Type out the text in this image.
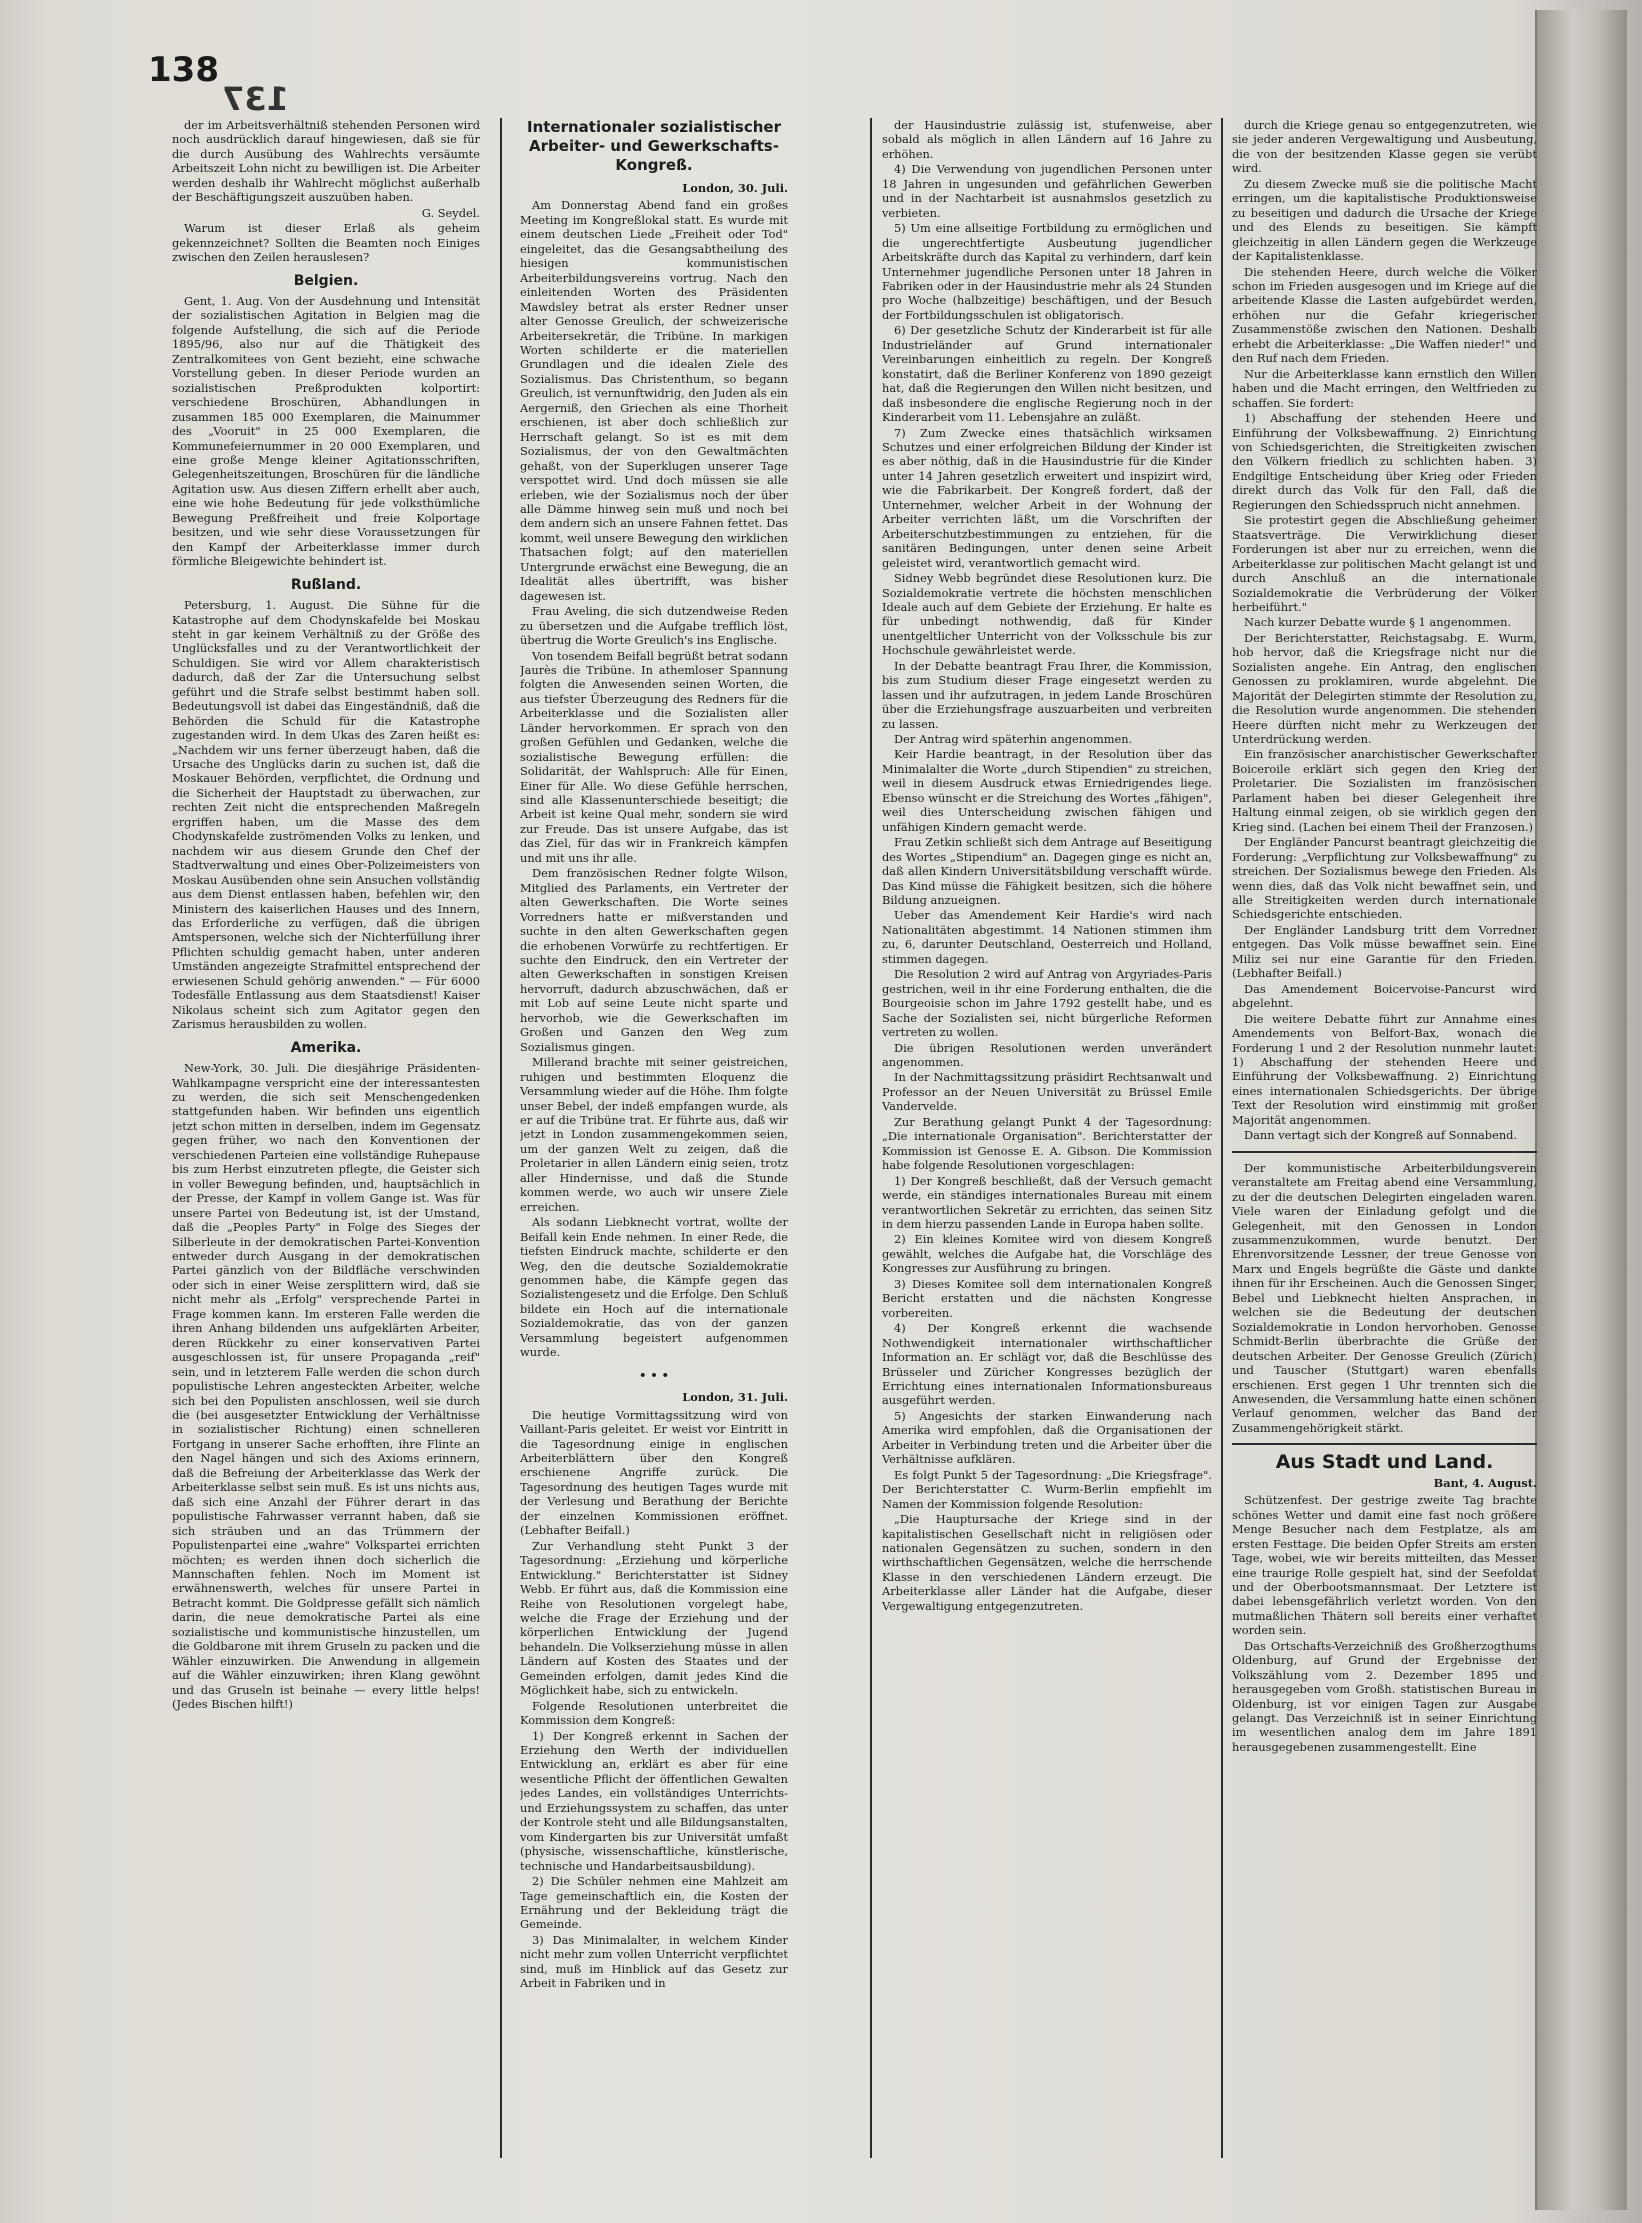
138
137

der im Arbeitsverhältniß stehenden Personen wird noch ausdrücklich darauf hingewiesen, daß sie für die durch Ausübung des Wahlrechts versäumte Arbeitszeit Lohn nicht zu bewilligen ist. Die Arbeiter werden deshalb ihr Wahlrecht möglichst außerhalb der Beschäftigungszeit auszuüben haben.

G. Seydel.

Warum ist dieser Erlaß als geheim gekennzeichnet? Sollten die Beamten noch Einiges zwischen den Zeilen herauslesen?

Belgien.

Gent, 1. Aug. Von der Ausdehnung und Intensität der sozialistischen Agitation in Belgien mag die folgende Aufstellung, die sich auf die Periode 1895/96, also nur auf die Thätigkeit des Zentralkomitees von Gent bezieht, eine schwache Vorstellung geben. In dieser Periode wurden an sozialistischen Preßprodukten kolportirt: verschiedene Broschüren, Abhandlungen in zusammen 185 000 Exemplaren, die Mainummer des „Vooruit" in 25 000 Exemplaren, die Kommunefeiernummer in 20 000 Exemplaren, und eine große Menge kleiner Agitationsschriften, Gelegenheitszeitungen, Broschüren für die ländliche Agitation usw. Aus diesen Ziffern erhellt aber auch, eine wie hohe Bedeutung für jede volksthümliche Bewegung Preßfreiheit und freie Kolportage besitzen, und wie sehr diese Voraussetzungen für den Kampf der Arbeiterklasse immer durch förmliche Bleigewichte behindert ist.

Rußland.

Petersburg, 1. August. Die Sühne für die Katastrophe auf dem Chodynskafelde bei Moskau steht in gar keinem Verhältniß zu der Größe des Unglücksfalles und zu der Verantwortlichkeit der Schuldigen. Sie wird vor Allem charakteristisch dadurch, daß der Zar die Untersuchung selbst geführt und die Strafe selbst bestimmt haben soll. Bedeutungsvoll ist dabei das Eingeständniß, daß die Behörden die Schuld für die Katastrophe zugestanden wird. In dem Ukas des Zaren heißt es: „Nachdem wir uns ferner überzeugt haben, daß die Ursache des Unglücks darin zu suchen ist, daß die Moskauer Behörden, verpflichtet, die Ordnung und die Sicherheit der Hauptstadt zu überwachen, zur rechten Zeit nicht die entsprechenden Maßregeln ergriffen haben, um die Masse des dem Chodynskafelde zuströmenden Volks zu lenken, und nachdem wir aus diesem Grunde den Chef der Stadtverwaltung und eines Ober-Polizeimeisters von Moskau Ausübenden ohne sein Ansuchen vollständig aus dem Dienst entlassen haben, befehlen wir, den Ministern des kaiserlichen Hauses und des Innern, das Erforderliche zu verfügen, daß die übrigen Amtspersonen, welche sich der Nichterfüllung ihrer Pflichten schuldig gemacht haben, unter anderen Umständen angezeigte Strafmittel entsprechend der erwiesenen Schuld gehörig anwenden." — Für 6000 Todesfälle Entlassung aus dem Staatsdienst! Kaiser Nikolaus scheint sich zum Agitator gegen den Zarismus herausbilden zu wollen.

Amerika.

New-York, 30. Juli. Die diesjährige Präsidenten-Wahlkampagne verspricht eine der interessantesten zu werden, die sich seit Menschengedenken stattgefunden haben. Wir befinden uns eigentlich jetzt schon mitten in derselben, indem im Gegensatz gegen früher, wo nach den Konventionen der verschiedenen Parteien eine vollständige Ruhepause bis zum Herbst einzutreten pflegte, die Geister sich in voller Bewegung befinden, und, hauptsächlich in der Presse, der Kampf in vollem Gange ist. Was für unsere Partei von Bedeutung ist, ist der Umstand, daß die „Peoples Party" in Folge des Sieges der Silberleute in der demokratischen Partei-Konvention entweder durch Ausgang in der demokratischen Partei gänzlich von der Bildfläche verschwinden oder sich in einer Weise zersplittern wird, daß sie nicht mehr als „Erfolg" versprechende Partei in Frage kommen kann. Im ersteren Falle werden die ihren Anhang bildenden uns aufgeklärten Arbeiter, deren Rückkehr zu einer konservativen Partei ausgeschlossen ist, für unsere Propaganda „reif" sein, und in letzterem Falle werden die schon durch populistische Lehren angesteckten Arbeiter, welche sich bei den Populisten anschlossen, weil sie durch die (bei ausgesetzter Entwicklung der Verhältnisse in sozialistischer Richtung) einen schnelleren Fortgang in unserer Sache erhofften, ihre Flinte an den Nagel hängen und sich des Axioms erinnern, daß die Befreiung der Arbeiterklasse das Werk der Arbeiterklasse selbst sein muß. Es ist uns nichts aus, daß sich eine Anzahl der Führer derart in das populistische Fahrwasser verrannt haben, daß sie sich sträuben und an das Trümmern der Populistenpartei eine „wahre" Volkspartei errichten möchten; es werden ihnen doch sicherlich die Mannschaften fehlen. Noch im Moment ist erwähnenswerth, welches für unsere Partei in Betracht kommt. Die Goldpresse gefällt sich nämlich darin, die neue demokratische Partei als eine sozialistische und kommunistische hinzustellen, um die Goldbarone mit ihrem Gruseln zu packen und die Wähler einzuwirken. Die Anwendung in allgemein auf die Wähler einzuwirken; ihren Klang gewöhnt und das Gruseln ist beinahe — every little helps! (Jedes Bischen hilft!)

Internationaler sozialistischer Arbeiter- und Gewerkschafts-Kongreß.

London, 30. Juli.

Am Donnerstag Abend fand ein großes Meeting im Kongreßlokal statt. Es wurde mit einem deutschen Liede „Freiheit oder Tod" eingeleitet, das die Gesangsabtheilung des hiesigen kommunistischen Arbeiterbildungsvereins vortrug. Nach den einleitenden Worten des Präsidenten Mawdsley betrat als erster Redner unser alter Genosse Greulich, der schweizerische Arbeitersekretär, die Tribüne. In markigen Worten schilderte er die materiellen Grundlagen und die idealen Ziele des Sozialismus. Das Christenthum, so begann Greulich, ist vernunftwidrig, den Juden als ein Aergerniß, den Griechen als eine Thorheit erschienen, ist aber doch schließlich zur Herrschaft gelangt. So ist es mit dem Sozialismus, der von den Gewaltmächten gehaßt, von der Superklugen unserer Tage verspottet wird. Und doch müssen sie alle erleben, wie der Sozialismus noch der über alle Dämme hinweg sein muß und noch bei dem andern sich an unsere Fahnen fettet. Das kommt, weil unsere Bewegung den wirklichen Thatsachen folgt; auf den materiellen Untergrunde erwächst eine Bewegung, die an Idealität alles übertrifft, was bisher dagewesen ist.

Frau Aveling, die sich dutzendweise Reden zu übersetzen und die Aufgabe trefflich löst, übertrug die Worte Greulich's ins Englische.

Von tosendem Beifall begrüßt betrat sodann Jaurès die Tribüne. In athemloser Spannung folgten die Anwesenden seinen Worten, die aus tiefster Überzeugung des Redners für die Arbeiterklasse und die Sozialisten aller Länder hervorkommen. Er sprach von den großen Gefühlen und Gedanken, welche die sozialistische Bewegung erfüllen: die Solidarität, der Wahlspruch: Alle für Einen, Einer für Alle. Wo diese Gefühle herrschen, sind alle Klassenunterschiede beseitigt; die Arbeit ist keine Qual mehr, sondern sie wird zur Freude. Das ist unsere Aufgabe, das ist das Ziel, für das wir in Frankreich kämpfen und mit uns ihr alle.

Dem französischen Redner folgte Wilson, Mitglied des Parlaments, ein Vertreter der alten Gewerkschaften. Die Worte seines Vorredners hatte er mißverstanden und suchte in den alten Gewerkschaften gegen die erhobenen Vorwürfe zu rechtfertigen. Er suchte den Eindruck, den ein Vertreter der alten Gewerkschaften in sonstigen Kreisen hervorruft, dadurch abzuschwächen, daß er mit Lob auf seine Leute nicht sparte und hervorhob, wie die Gewerkschaften im Großen und Ganzen den Weg zum Sozialismus gingen.

Millerand brachte mit seiner geistreichen, ruhigen und bestimmten Eloquenz die Versammlung wieder auf die Höhe. Ihm folgte unser Bebel, der indeß empfangen wurde, als er auf die Tribüne trat. Er führte aus, daß wir jetzt in London zusammengekommen seien, um der ganzen Welt zu zeigen, daß die Proletarier in allen Ländern einig seien, trotz aller Hindernisse, und daß die Stunde kommen werde, wo auch wir unsere Ziele erreichen.

Als sodann Liebknecht vortrat, wollte der Beifall kein Ende nehmen. In einer Rede, die tiefsten Eindruck machte, schilderte er den Weg, den die deutsche Sozialdemokratie genommen habe, die Kämpfe gegen das Sozialistengesetz und die Erfolge. Den Schluß bildete ein Hoch auf die internationale Sozialdemokratie, das von der ganzen Versammlung begeistert aufgenommen wurde.

• • •

London, 31. Juli.

Die heutige Vormittagssitzung wird von Vaillant-Paris geleitet. Er weist vor Eintritt in die Tagesordnung einige in englischen Arbeiterblättern über den Kongreß erschienene Angriffe zurück. Die Tagesordnung des heutigen Tages wurde mit der Verlesung und Berathung der Berichte der einzelnen Kommissionen eröffnet. (Lebhafter Beifall.)

Zur Verhandlung steht Punkt 3 der Tagesordnung: „Erziehung und körperliche Entwicklung." Berichterstatter ist Sidney Webb. Er führt aus, daß die Kommission eine Reihe von Resolutionen vorgelegt habe, welche die Frage der Erziehung und der körperlichen Entwicklung der Jugend behandeln. Die Volkserziehung müsse in allen Ländern auf Kosten des Staates und der Gemeinden erfolgen, damit jedes Kind die Möglichkeit habe, sich zu entwickeln.

Folgende Resolutionen unterbreitet die Kommission dem Kongreß:

1) Der Kongreß erkennt in Sachen der Erziehung den Werth der individuellen Entwicklung an, erklärt es aber für eine wesentliche Pflicht der öffentlichen Gewalten jedes Landes, ein vollständiges Unterrichts- und Erziehungssystem zu schaffen, das unter der Kontrole steht und alle Bildungsanstalten, vom Kindergarten bis zur Universität umfaßt (physische, wissenschaftliche, künstlerische, technische und Handarbeitsausbildung).

2) Die Schüler nehmen eine Mahlzeit am Tage gemeinschaftlich ein, die Kosten der Ernährung und der Bekleidung trägt die Gemeinde.

3) Das Minimalalter, in welchem Kinder nicht mehr zum vollen Unterricht verpflichtet sind, muß im Hinblick auf das Gesetz zur Arbeit in Fabriken und in

der Hausindustrie zulässig ist, stufenweise, aber sobald als möglich in allen Ländern auf 16 Jahre zu erhöhen.

4) Die Verwendung von jugendlichen Personen unter 18 Jahren in ungesunden und gefährlichen Gewerben und in der Nachtarbeit ist ausnahmslos gesetzlich zu verbieten.

5) Um eine allseitige Fortbildung zu ermöglichen und die ungerechtfertigte Ausbeutung jugendlicher Arbeitskräfte durch das Kapital zu verhindern, darf kein Unternehmer jugendliche Personen unter 18 Jahren in Fabriken oder in der Hausindustrie mehr als 24 Stunden pro Woche (halbzeitige) beschäftigen, und der Besuch der Fortbildungsschulen ist obligatorisch.

6) Der gesetzliche Schutz der Kinderarbeit ist für alle Industrieländer auf Grund internationaler Vereinbarungen einheitlich zu regeln. Der Kongreß konstatirt, daß die Berliner Konferenz von 1890 gezeigt hat, daß die Regierungen den Willen nicht besitzen, und daß insbesondere die englische Regierung noch in der Kinderarbeit vom 11. Lebensjahre an zuläßt.

7) Zum Zwecke eines thatsächlich wirksamen Schutzes und einer erfolgreichen Bildung der Kinder ist es aber nöthig, daß in die Hausindustrie für die Kinder unter 14 Jahren gesetzlich erweitert und inspizirt wird, wie die Fabrikarbeit. Der Kongreß fordert, daß der Unternehmer, welcher Arbeit in der Wohnung der Arbeiter verrichten läßt, um die Vorschriften der Arbeiterschutzbestimmungen zu entziehen, für die sanitären Bedingungen, unter denen seine Arbeit geleistet wird, verantwortlich gemacht wird.

Sidney Webb begründet diese Resolutionen kurz. Die Sozialdemokratie vertrete die höchsten menschlichen Ideale auch auf dem Gebiete der Erziehung. Er halte es für unbedingt nothwendig, daß für Kinder unentgeltlicher Unterricht von der Volksschule bis zur Hochschule gewährleistet werde.

In der Debatte beantragt Frau Ihrer, die Kommission, bis zum Studium dieser Frage eingesetzt werden zu lassen und ihr aufzutragen, in jedem Lande Broschüren über die Erziehungsfrage auszuarbeiten und verbreiten zu lassen.

Der Antrag wird späterhin angenommen.

Keir Hardie beantragt, in der Resolution über das Minimalalter die Worte „durch Stipendien" zu streichen, weil in diesem Ausdruck etwas Erniedrigendes liege. Ebenso wünscht er die Streichung des Wortes „fähigen", weil dies Unterscheidung zwischen fähigen und unfähigen Kindern gemacht werde.

Frau Zetkin schließt sich dem Antrage auf Beseitigung des Wortes „Stipendium" an. Dagegen ginge es nicht an, daß allen Kindern Universitätsbildung verschafft würde. Das Kind müsse die Fähigkeit besitzen, sich die höhere Bildung anzueignen.

Ueber das Amendement Keir Hardie's wird nach Nationalitäten abgestimmt. 14 Nationen stimmen ihm zu, 6, darunter Deutschland, Oesterreich und Holland, stimmen dagegen.

Die Resolution 2 wird auf Antrag von Argyriades-Paris gestrichen, weil in ihr eine Forderung enthalten, die die Bourgeoisie schon im Jahre 1792 gestellt habe, und es Sache der Sozialisten sei, nicht bürgerliche Reformen vertreten zu wollen.

Die übrigen Resolutionen werden unverändert angenommen.

In der Nachmittagssitzung präsidirt Rechtsanwalt und Professor an der Neuen Universität zu Brüssel Emile Vandervelde.

Zur Berathung gelangt Punkt 4 der Tagesordnung: „Die internationale Organisation". Berichterstatter der Kommission ist Genosse E. A. Gibson. Die Kommission habe folgende Resolutionen vorgeschlagen:

1) Der Kongreß beschließt, daß der Versuch gemacht werde, ein ständiges internationales Bureau mit einem verantwortlichen Sekretär zu errichten, das seinen Sitz in dem hierzu passenden Lande in Europa haben sollte.

2) Ein kleines Komitee wird von diesem Kongreß gewählt, welches die Aufgabe hat, die Vorschläge des Kongresses zur Ausführung zu bringen.

3) Dieses Komitee soll dem internationalen Kongreß Bericht erstatten und die nächsten Kongresse vorbereiten.

4) Der Kongreß erkennt die wachsende Nothwendigkeit internationaler wirthschaftlicher Information an. Er schlägt vor, daß die Beschlüsse des Brüsseler und Züricher Kongresses bezüglich der Errichtung eines internationalen Informationsbureaus ausgeführt werden.

5) Angesichts der starken Einwanderung nach Amerika wird empfohlen, daß die Organisationen der Arbeiter in Verbindung treten und die Arbeiter über die Verhältnisse aufklären.

Es folgt Punkt 5 der Tagesordnung: „Die Kriegsfrage". Der Berichterstatter C. Wurm-Berlin empfiehlt im Namen der Kommission folgende Resolution:

„Die Hauptursache der Kriege sind in der kapitalistischen Gesellschaft nicht in religiösen oder nationalen Gegensätzen zu suchen, sondern in den wirthschaftlichen Gegensätzen, welche die herrschende Klasse in den verschiedenen Ländern erzeugt. Die Arbeiterklasse aller Länder hat die Aufgabe, dieser Vergewaltigung entgegenzutreten.

durch die Kriege genau so entgegenzutreten, wie sie jeder anderen Vergewaltigung und Ausbeutung, die von der besitzenden Klasse gegen sie verübt wird.

Zu diesem Zwecke muß sie die politische Macht erringen, um die kapitalistische Produktionsweise zu beseitigen und dadurch die Ursache der Kriege und des Elends zu beseitigen. Sie kämpft gleichzeitig in allen Ländern gegen die Werkzeuge der Kapitalistenklasse.

Die stehenden Heere, durch welche die Völker schon im Frieden ausgesogen und im Kriege auf die arbeitende Klasse die Lasten aufgebürdet werden, erhöhen nur die Gefahr kriegerischer Zusammenstöße zwischen den Nationen. Deshalb erhebt die Arbeiterklasse: „Die Waffen nieder!" und den Ruf nach dem Frieden.

Nur die Arbeiterklasse kann ernstlich den Willen haben und die Macht erringen, den Weltfrieden zu schaffen. Sie fordert:

1) Abschaffung der stehenden Heere und Einführung der Volksbewaffnung. 2) Einrichtung von Schiedsgerichten, die Streitigkeiten zwischen den Völkern friedlich zu schlichten haben. 3) Endgiltige Entscheidung über Krieg oder Frieden direkt durch das Volk für den Fall, daß die Regierungen den Schiedsspruch nicht annehmen.

Sie protestirt gegen die Abschließung geheimer Staatsverträge. Die Verwirklichung dieser Forderungen ist aber nur zu erreichen, wenn die Arbeiterklasse zur politischen Macht gelangt ist und durch Anschluß an die internationale Sozialdemokratie die Verbrüderung der Völker herbeiführt."

Nach kurzer Debatte wurde § 1 angenommen.

Der Berichterstatter, Reichstagsabg. E. Wurm, hob hervor, daß die Kriegsfrage nicht nur die Sozialisten angehe. Ein Antrag, den englischen Genossen zu proklamiren, wurde abgelehnt. Die Majorität der Delegirten stimmte der Resolution zu, die Resolution wurde angenommen. Die stehenden Heere dürften nicht mehr zu Werkzeugen der Unterdrückung werden.

Ein französischer anarchistischer Gewerkschafter Boiceroile erklärt sich gegen den Krieg der Proletarier. Die Sozialisten im französischen Parlament haben bei dieser Gelegenheit ihre Haltung einmal zeigen, ob sie wirklich gegen den Krieg sind. (Lachen bei einem Theil der Franzosen.)

Der Engländer Pancurst beantragt gleichzeitig die Forderung: „Verpflichtung zur Volksbewaffnung" zu streichen. Der Sozialismus bewege den Frieden. Als wenn dies, daß das Volk nicht bewaffnet sein, und alle Streitigkeiten werden durch internationale Schiedsgerichte entschieden.

Der Engländer Landsburg tritt dem Vorredner entgegen. Das Volk müsse bewaffnet sein. Eine Miliz sei nur eine Garantie für den Frieden. (Lebhafter Beifall.)

Das Amendement Boicervoise-Pancurst wird abgelehnt.

Die weitere Debatte führt zur Annahme eines Amendements von Belfort-Bax, wonach die Forderung 1 und 2 der Resolution nunmehr lautet: 1) Abschaffung der stehenden Heere und Einführung der Volksbewaffnung. 2) Einrichtung eines internationalen Schiedsgerichts. Der übrige Text der Resolution wird einstimmig mit großer Majorität angenommen.

Dann vertagt sich der Kongreß auf Sonnabend.

Der kommunistische Arbeiterbildungsverein veranstaltete am Freitag abend eine Versammlung, zu der die deutschen Delegirten eingeladen waren. Viele waren der Einladung gefolgt und die Gelegenheit, mit den Genossen in London zusammenzukommen, wurde benutzt. Der Ehrenvorsitzende Lessner, der treue Genosse von Marx und Engels begrüßte die Gäste und dankte ihnen für ihr Erscheinen. Auch die Genossen Singer, Bebel und Liebknecht hielten Ansprachen, in welchen sie die Bedeutung der deutschen Sozialdemokratie in London hervorhoben. Genosse Schmidt-Berlin überbrachte die Grüße der deutschen Arbeiter. Der Genosse Greulich (Zürich) und Tauscher (Stuttgart) waren ebenfalls erschienen. Erst gegen 1 Uhr trennten sich die Anwesenden, die Versammlung hatte einen schönen Verlauf genommen, welcher das Band der Zusammengehörigkeit stärkt.

Aus Stadt und Land.

Bant, 4. August.

Schützenfest. Der gestrige zweite Tag brachte schönes Wetter und damit eine fast noch größere Menge Besucher nach dem Festplatze, als am ersten Festtage. Die beiden Opfer Streits am ersten Tage, wobei, wie wir bereits mitteilten, das Messer eine traurige Rolle gespielt hat, sind der Seefoldat und der Oberbootsmannsmaat. Der Letztere ist dabei lebensgefährlich verletzt worden. Von den mutmaßlichen Thätern soll bereits einer verhaftet worden sein.

Das Ortschafts-Verzeichniß des Großherzogthums Oldenburg, auf Grund der Ergebnisse der Volkszählung vom 2. Dezember 1895 und herausgegeben vom Großh. statistischen Bureau in Oldenburg, ist vor einigen Tagen zur Ausgabe gelangt. Das Verzeichniß ist in seiner Einrichtung im wesentlichen analog dem im Jahre 1891 herausgegebenen zusammengestellt. Eine
